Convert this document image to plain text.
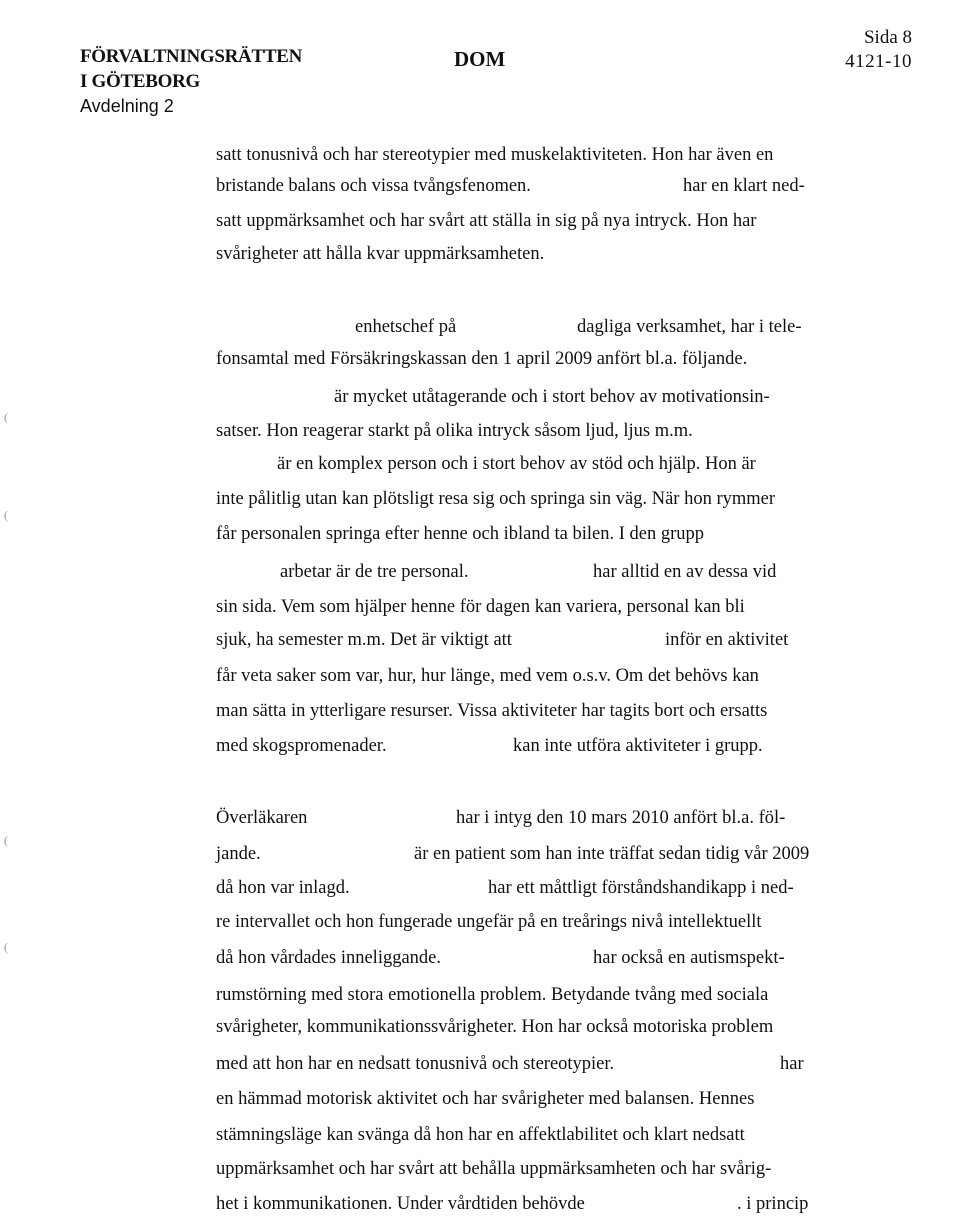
FÖRVALTNINGSRÄTTEN
I GÖTEBORG
Avdelning 2
DOM
Sida 8
4121-10
satt tonusnivå och har stereotypier med muskelaktiviteten. Hon har även en
bristande balans och vissa tvångsfenomen.	har en klart ned-
satt uppmärksamhet och har svårt att ställa in sig på nya intryck. Hon har
svårigheter att hålla kvar uppmärksamheten.
enhetschef på	dagliga verksamhet, har i tele-
fonsamtal med Försäkringskassan den 1 april 2009 anfört bl.a. följande.
är mycket utåtagerande och i stort behov av motivationsin-
satser. Hon reagerar starkt på olika intryck såsom ljud, ljus m.m.
är en komplex person och i stort behov av stöd och hjälp. Hon är
inte pålitlig utan kan plötsligt resa sig och springa sin väg. När hon rymmer
får personalen springa efter henne och ibland ta bilen. I den grupp
arbetar är de tre personal.	har alltid en av dessa vid
sin sida. Vem som hjälper henne för dagen kan variera, personal kan bli
sjuk, ha semester m.m. Det är viktigt att	inför en aktivitet
får veta saker som var, hur, hur länge, med vem o.s.v. Om det behövs kan
man sätta in ytterligare resurser. Vissa aktiviteter har tagits bort och ersatts
med skogspromenader.	kan inte utföra aktiviteter i grupp.
Överläkaren	har i intyg den 10 mars 2010 anfört bl.a. föl-
jande.	är en patient som han inte träffat sedan tidig vår 2009
då hon var inlagd.	har ett måttligt förståndshandikapp i ned-
re intervallet och hon fungerade ungefär på en treårings nivå intellektuellt
då hon vårdades inneliggande.	har också en autismspekt-
rumstörning med stora emotionella problem. Betydande tvång med sociala
svårigheter, kommunikationssvårigheter. Hon har också motoriska problem
med att hon har en nedsatt tonusnivå och stereotypier.	har
en hämmad motorisk aktivitet och har svårigheter med balansen. Hennes
stämningsläge kan svänga då hon har en affektlabilitet och klart nedsatt
uppmärksamhet och har svårt att behålla uppmärksamheten och har svårig-
het i kommunikationen. Under vårdtiden behövde	. i princip
(
(
(
(
